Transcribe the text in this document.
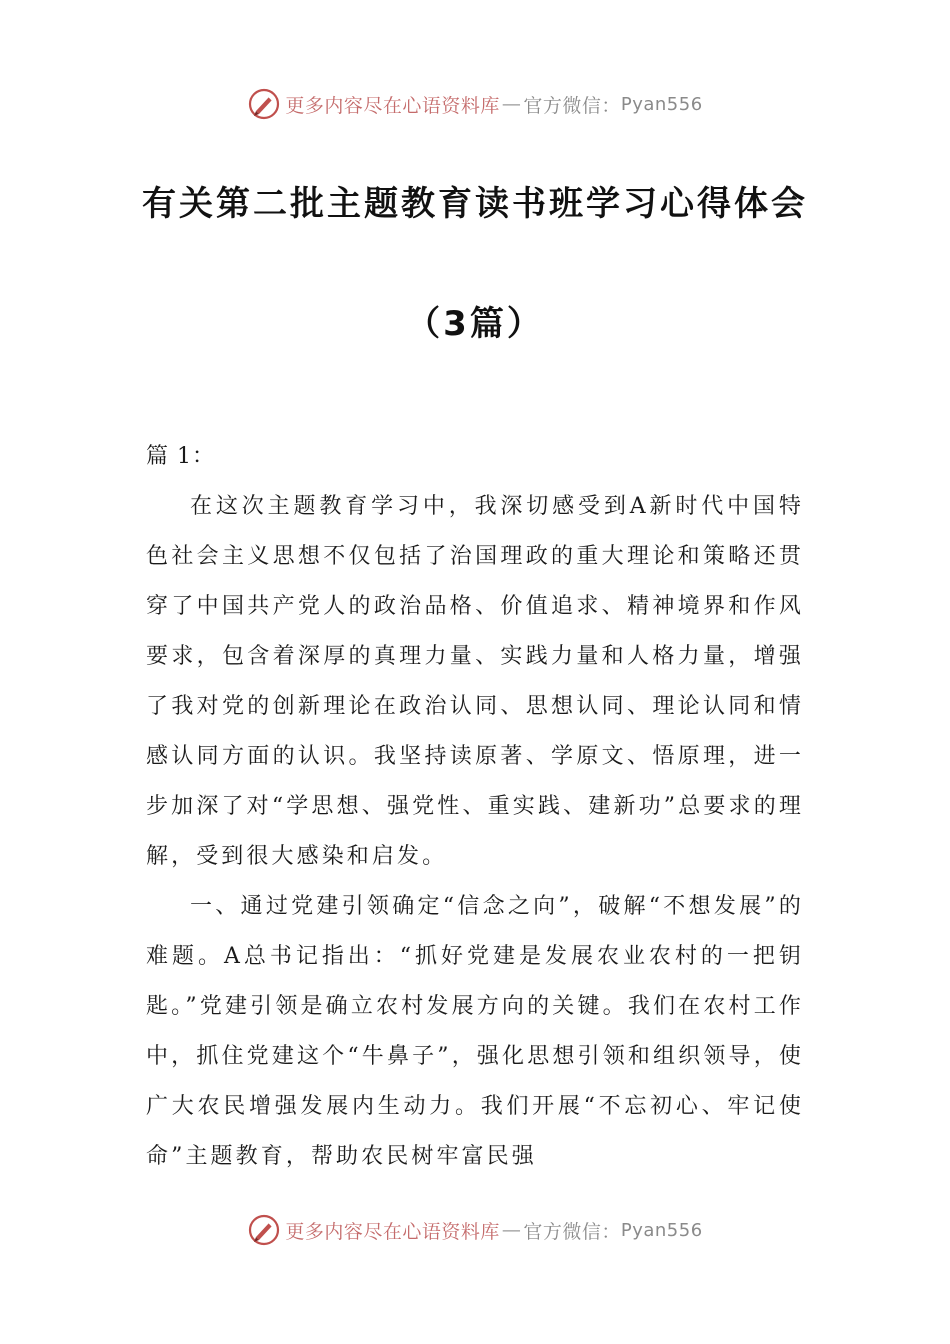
更多内容尽在心语资料库 — 官方微信： Pyan556
有关第二批主题教育读书班学习心得体会
（3篇）

篇 1：

在这次主题教育学习中，我深切感受到A新时代中国特色社会主义思想不仅包括了治国理政的重大理论和策略还贯穿了中国共产党人的政治品格、价值追求、精神境界和作风要求，包含着深厚的真理力量、实践力量和人格力量，增强了我对党的创新理论在政治认同、思想认同、理论认同和情感认同方面的认识。我坚持读原著、学原文、悟原理，进一步加深了对“学思想、强党性、重实践、建新功”总要求的理解，受到很大感染和启发。

一、通过党建引领确定“信念之向”，破解“不想发展”的难题。A总书记指出：“抓好党建是发展农业农村的一把钥匙。”党建引领是确立农村发展方向的关键。我们在农村工作中，抓住党建这个“牛鼻子”，强化思想引领和组织领导，使广大农民增强发展内生动力。我们开展“不忘初心、牢记使命”主题教育，帮助农民树牢富民强

更多内容尽在心语资料库 — 官方微信： Pyan556
